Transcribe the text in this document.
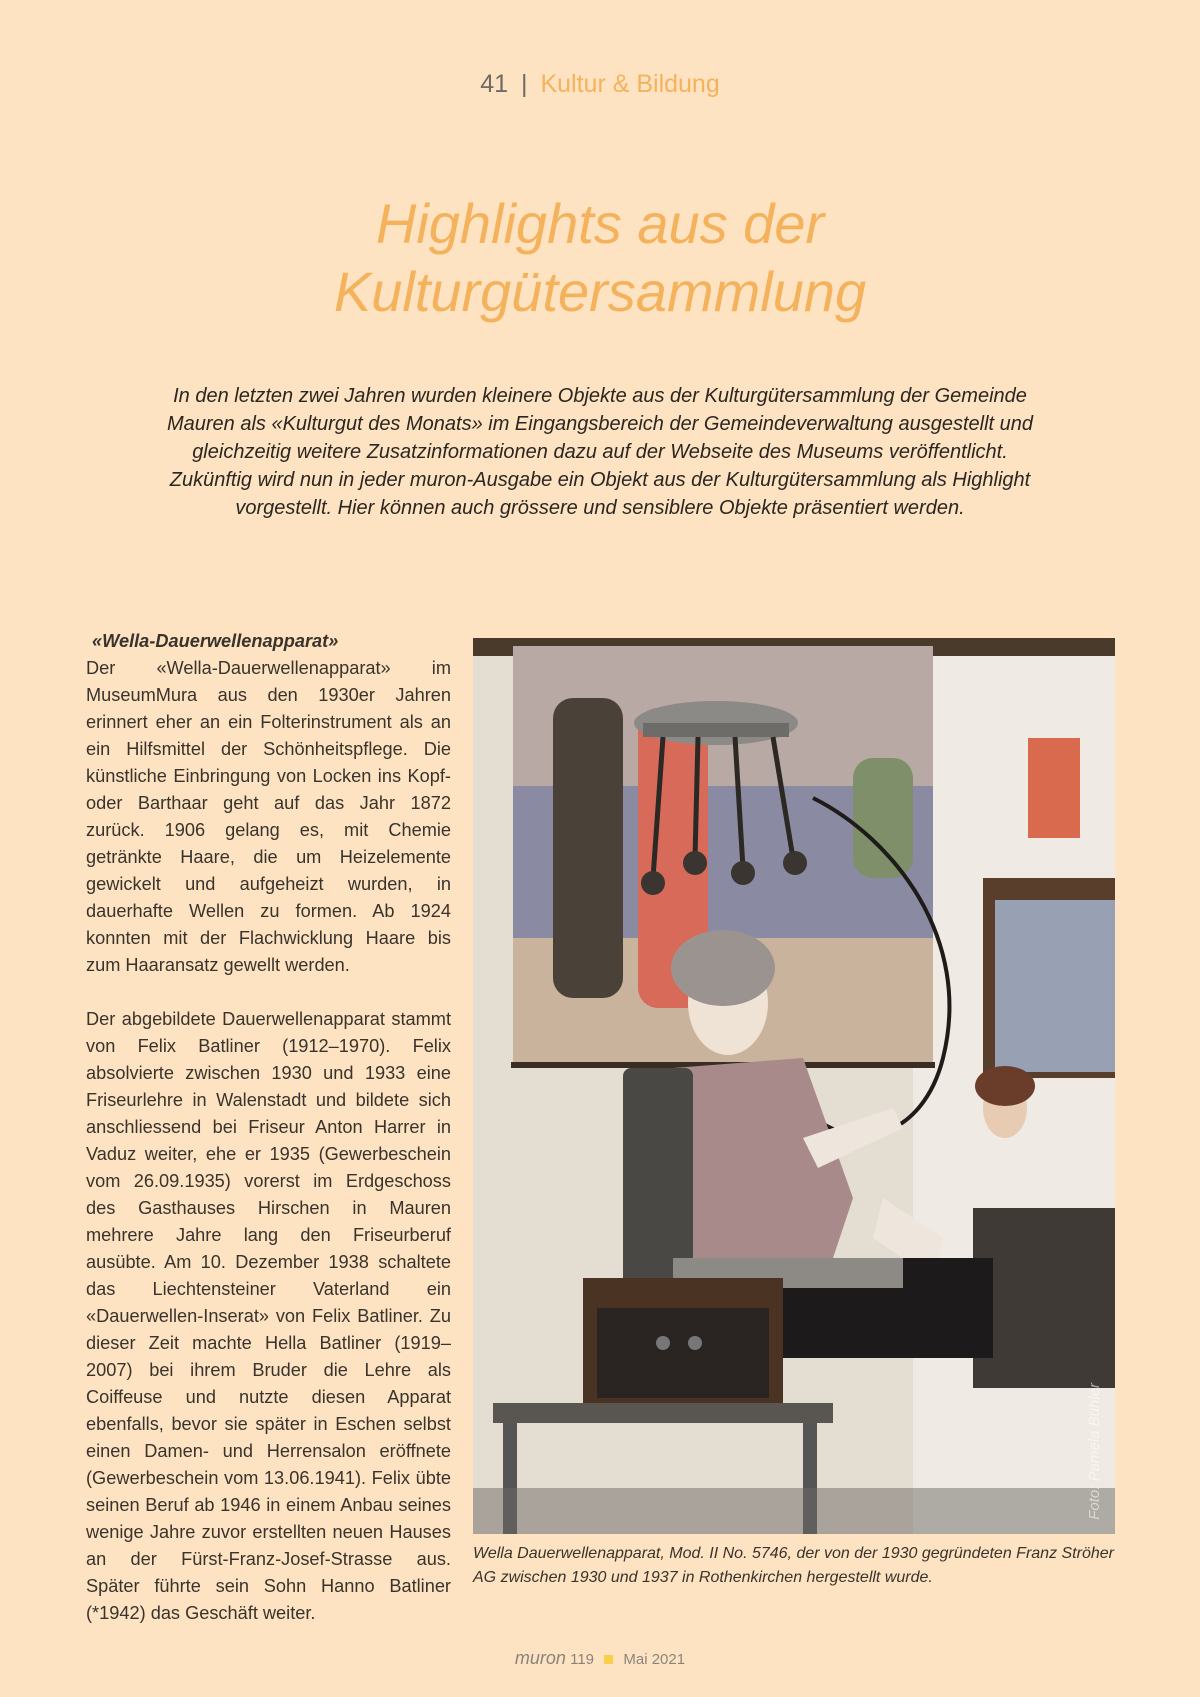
41 | Kultur & Bildung
Highlights aus der
Kulturgütersammlung
In den letzten zwei Jahren wurden kleinere Objekte aus der Kulturgütersammlung der Gemeinde Mauren als «Kulturgut des Monats» im Eingangsbereich der Gemeindeverwaltung ausgestellt und gleichzeitig weitere Zusatzinformationen dazu auf der Webseite des Museums veröffentlicht. Zukünftig wird nun in jeder muron-Ausgabe ein Objekt aus der Kulturgütersammlung als Highlight vorgestellt. Hier können auch grössere und sensiblere Objekte präsentiert werden.
«Wella-Dauerwellenapparat»

Der «Wella-Dauerwellenapparat» im MuseumMura aus den 1930er Jahren erinnert eher an ein Folterinstrument als an ein Hilfsmittel der Schönheitspflege. Die künstliche Einbringung von Locken ins Kopf- oder Barthaar geht auf das Jahr 1872 zurück. 1906 gelang es, mit Chemie getränkte Haare, die um Heizelemente gewickelt und aufgeheizt wurden, in dauerhafte Wellen zu formen. Ab 1924 konnten mit der Flachwicklung Haare bis zum Haaransatz gewellt werden.

Der abgebildete Dauerwellenapparat stammt von Felix Batliner (1912–1970). Felix absolvierte zwischen 1930 und 1933 eine Friseurlehre in Walenstadt und bildete sich anschliessend bei Friseur Anton Harrer in Vaduz weiter, ehe er 1935 (Gewerbeschein vom 26.09.1935) vorerst im Erdgeschoss des Gasthauses Hirschen in Mauren mehrere Jahre lang den Friseurberuf ausübte. Am 10. Dezember 1938 schaltete das Liechtensteiner Vaterland ein «Dauerwellen-Inserat» von Felix Batliner. Zu dieser Zeit machte Hella Batliner (1919–2007) bei ihrem Bruder die Lehre als Coiffeuse und nutzte diesen Apparat ebenfalls, bevor sie später in Eschen selbst einen Damen- und Herrensalon eröffnete (Gewerbeschein vom 13.06.1941). Felix übte seinen Beruf ab 1946 in einem Anbau seines wenige Jahre zuvor erstellten neuen Hauses an der Fürst-Franz-Josef-Strasse aus. Später führte sein Sohn Hanno Batliner (*1942) das Geschäft weiter.

Foto: Pamela Bühler
Wella Dauerwellenapparat, Mod. II No. 5746, der von der 1930 gegründeten Franz Ströher AG zwischen 1930 und 1937 in Rothenkirchen hergestellt wurde.
muron 119 Mai 2021
